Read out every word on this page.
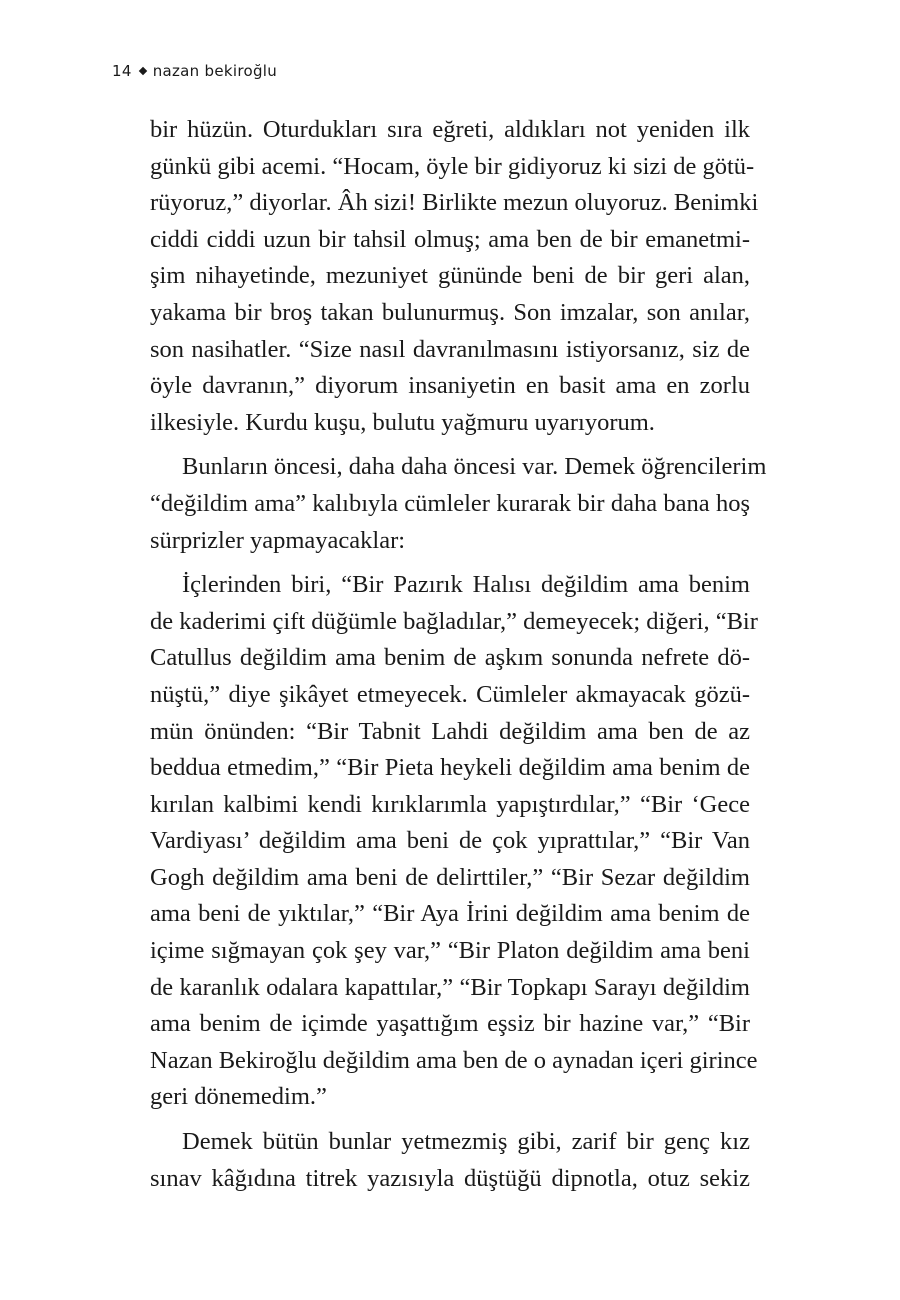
14 nazan bekiroğlu
bir hüzün. Oturdukları sıra eğreti, aldıkları not yeniden ilk
günkü gibi acemi. “Hocam, öyle bir gidiyoruz ki sizi de götü-
rüyoruz,” diyorlar. Âh sizi! Birlikte mezun oluyoruz. Benimki
ciddi ciddi uzun bir tahsil olmuş; ama ben de bir emanetmi-
şim nihayetinde, mezuniyet gününde beni de bir geri alan,
yakama bir broş takan bulunurmuş. Son imzalar, son anılar,
son nasihatler. “Size nasıl davranılmasını istiyorsanız, siz de
öyle davranın,” diyorum insaniyetin en basit ama en zorlu
ilkesiyle. Kurdu kuşu, bulutu yağmuru uyarıyorum.
Bunların öncesi, daha daha öncesi var. Demek öğrencilerim
“değildim ama” kalıbıyla cümleler kurarak bir daha bana hoş
sürprizler yapmayacaklar:
İçlerinden biri, “Bir Pazırık Halısı değildim ama benim
de kaderimi çift düğümle bağladılar,” demeyecek; diğeri, “Bir
Catullus değildim ama benim de aşkım sonunda nefrete dö-
nüştü,” diye şikâyet etmeyecek. Cümleler akmayacak gözü-
mün önünden: “Bir Tabnit Lahdi değildim ama ben de az
beddua etmedim,” “Bir Pieta heykeli değildim ama benim de
kırılan kalbimi kendi kırıklarımla yapıştırdılar,” “Bir ‘Gece
Vardiyası’ değildim ama beni de çok yıprattılar,” “Bir Van
Gogh değildim ama beni de delirttiler,” “Bir Sezar değildim
ama beni de yıktılar,” “Bir Aya İrini değildim ama benim de
içime sığmayan çok şey var,” “Bir Platon değildim ama beni
de karanlık odalara kapattılar,” “Bir Topkapı Sarayı değildim
ama benim de içimde yaşattığım eşsiz bir hazine var,” “Bir
Nazan Bekiroğlu değildim ama ben de o aynadan içeri girince
geri dönemedim.”
Demek bütün bunlar yetmezmiş gibi, zarif bir genç kız
sınav kâğıdına titrek yazısıyla düştüğü dipnotla, otuz sekiz
